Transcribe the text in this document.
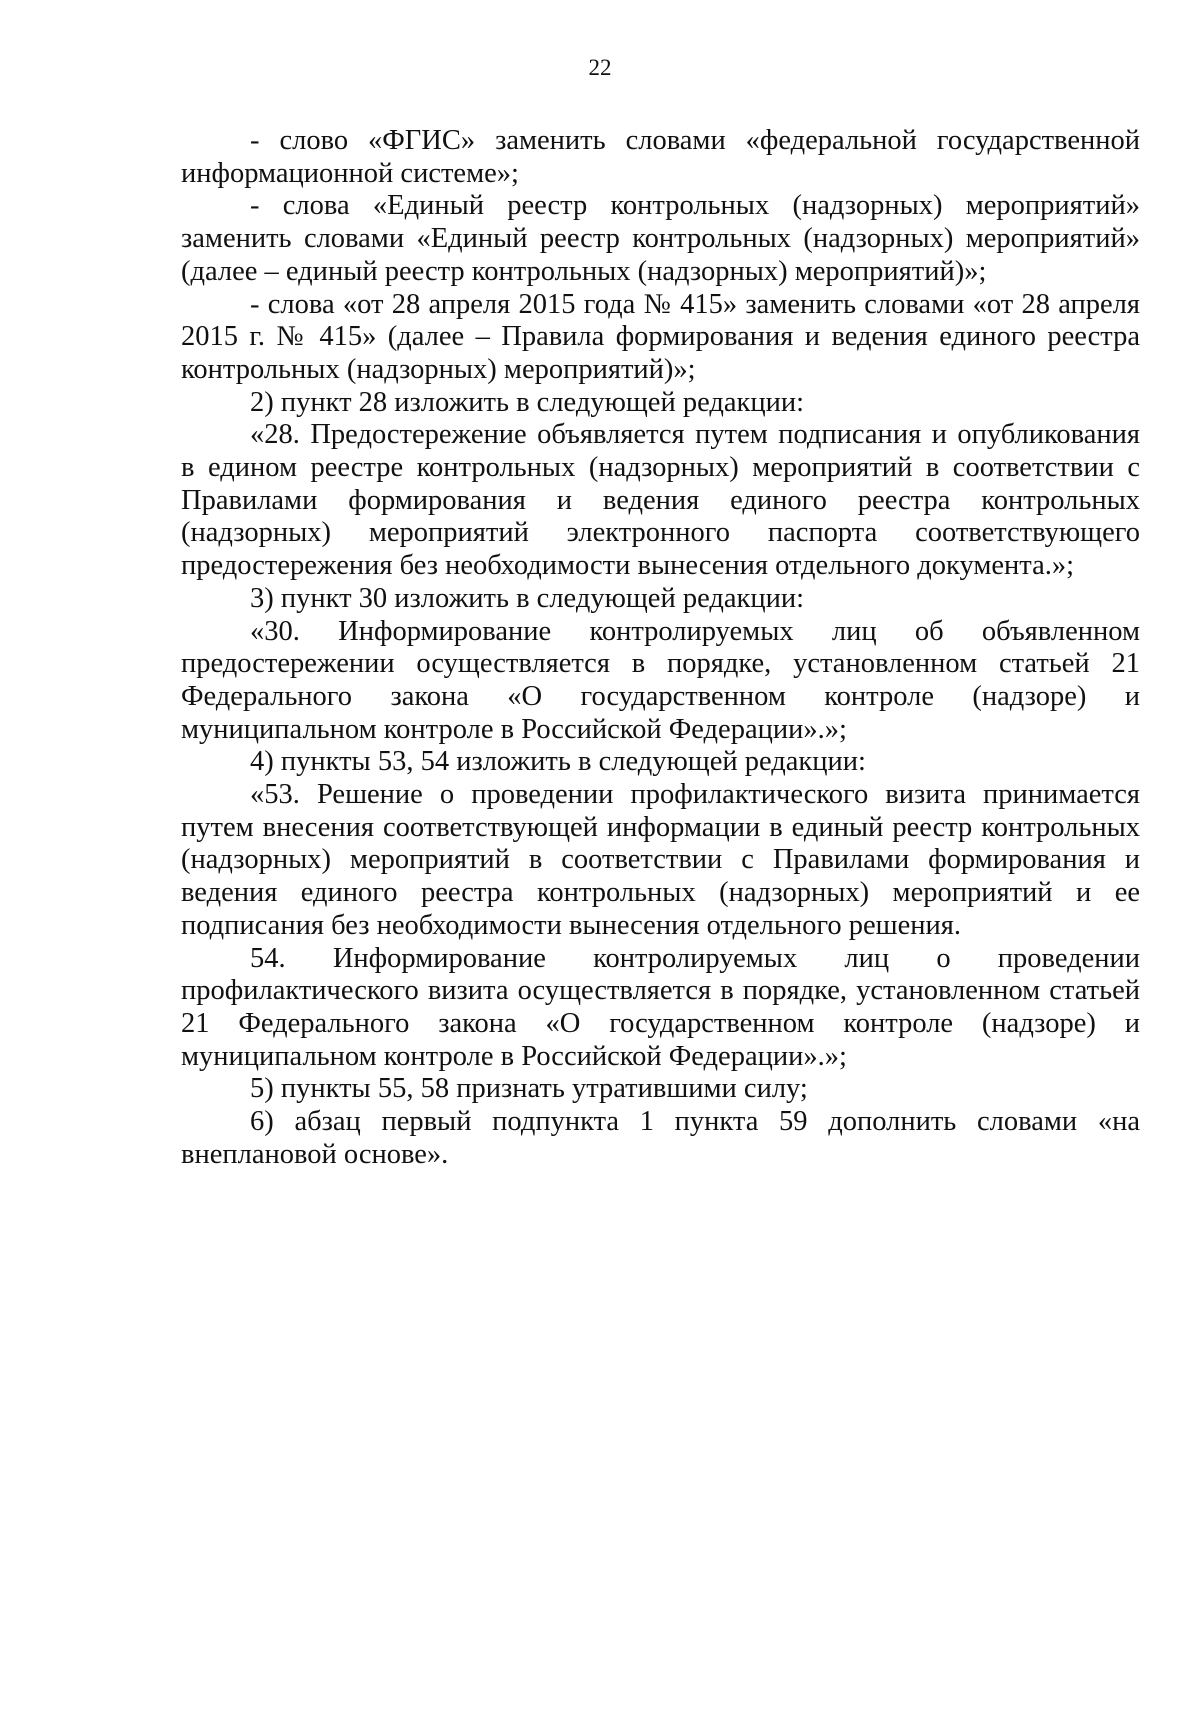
22

- слово «ФГИС» заменить словами «федеральной государственной информационной системе»;

- слова «Единый реестр контрольных (надзорных) мероприятий» заменить словами «Единый реестр контрольных (надзорных) мероприятий» (далее – единый реестр контрольных (надзорных) мероприятий)»;

- слова «от 28 апреля 2015 года № 415» заменить словами «от 28 апреля 2015 г. № 415» (далее – Правила формирования и ведения единого реестра контрольных (надзорных) мероприятий)»;

2) пункт 28 изложить в следующей редакции:

«28. Предостережение объявляется путем подписания и опубликования в едином реестре контрольных (надзорных) мероприятий в соответствии с Правилами формирования и ведения единого реестра контрольных (надзорных) мероприятий электронного паспорта соответствующего предостережения без необходимости вынесения отдельного документа.»;

3) пункт 30 изложить в следующей редакции:

«30. Информирование контролируемых лиц об объявленном предостережении осуществляется в порядке, установленном статьей 21 Федерального закона «О государственном контроле (надзоре) и муниципальном контроле в Российской Федерации».»;

4) пункты 53, 54 изложить в следующей редакции:

«53. Решение о проведении профилактического визита принимается путем внесения соответствующей информации в единый реестр контрольных (надзорных) мероприятий в соответствии с Правилами формирования и ведения единого реестра контрольных (надзорных) мероприятий и ее подписания без необходимости вынесения отдельного решения.

54. Информирование контролируемых лиц о проведении профилактического визита осуществляется в порядке, установленном статьей 21 Федерального закона «О государственном контроле (надзоре) и муниципальном контроле в Российской Федерации».»;

5) пункты 55, 58 признать утратившими силу;

6) абзац первый подпункта 1 пункта 59 дополнить словами «на внеплановой основе».
